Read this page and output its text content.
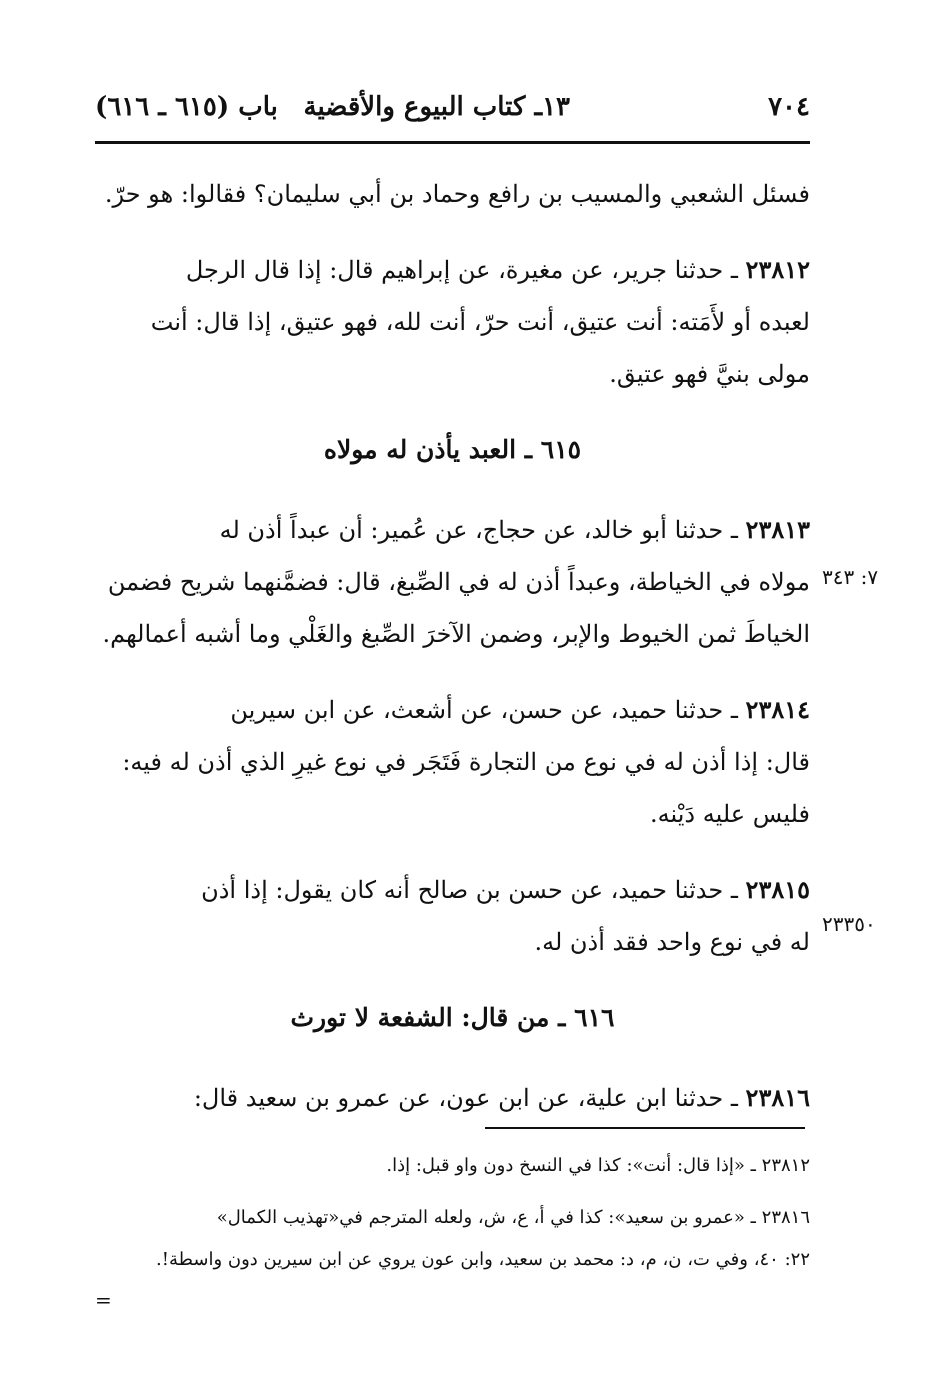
٧٠٤
١٣ـ كتاب البيوع والأقضية
باب (٦١٥ ـ ٦١٦)

فسئل الشعبي والمسيب بن رافع وحماد بن أبي سليمان؟ فقالوا: هو حرّ.

٢٣٨١٢ ـ حدثنا جرير، عن مغيرة، عن إبراهيم قال: إذا قال الرجل

لعبده أو لأَمَته: أنت عتيق، أنت حرّ، أنت لله، فهو عتيق، إذا قال: أنت

مولى بنيَّ فهو عتيق.

٦١٥ ـ العبد يأذن له مولاه

٢٣٨١٣ ـ حدثنا أبو خالد، عن حجاج، عن عُمير: أن عبداً أذن له

مولاه في الخياطة، وعبداً أذن له في الصِّبغ، قال: فضمَّنهما شريح فضمن

الخياطَ ثمن الخيوط والإبر، وضمن الآخرَ الصِّبغ والغَلْي وما أشبه أعمالهم.

٢٣٨١٤ ـ حدثنا حميد، عن حسن، عن أشعث، عن ابن سيرين

قال: إذا أذن له في نوع من التجارة فَتَجَر في نوع غيرِ الذي أذن له فيه:

فليس عليه دَيْنه.

٢٣٨١٥ ـ حدثنا حميد، عن حسن بن صالح أنه كان يقول: إذا أذن

له في نوع واحد فقد أذن له.

٦١٦ ـ من قال: الشفعة لا تورث

٢٣٨١٦ ـ حدثنا ابن علية، عن ابن عون، عن عمرو بن سعيد قال:

٧: ٣٤٣
٢٣٣٥٠

٢٣٨١٢ ـ «إذا قال: أنت»: كذا في النسخ دون واو قبل: إذا.

٢٣٨١٦ ـ «عمرو بن سعيد»: كذا في أ، ع، ش، ولعله المترجم في«تهذيب الكمال»

٢٢: ٤٠، وفي ت، ن، م، د: محمد بن سعيد، وابن عون يروي عن ابن سيرين دون واسطة!.

=
